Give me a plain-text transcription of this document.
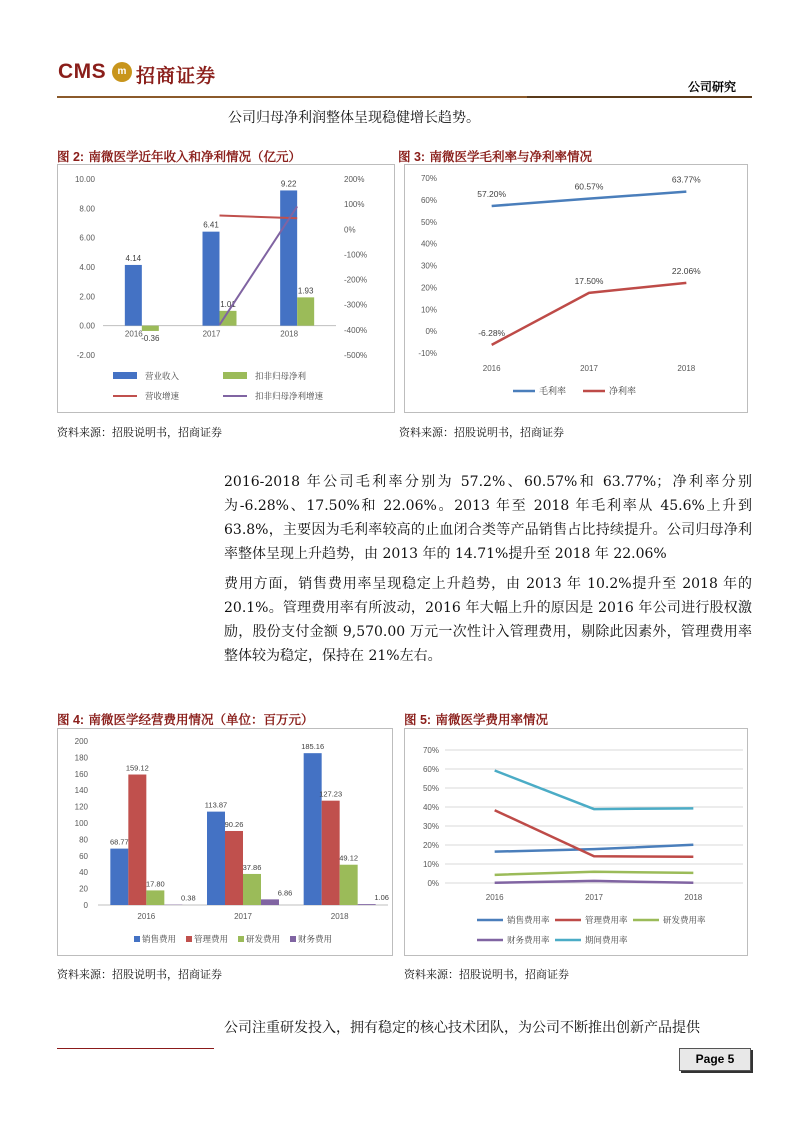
CMS	m 招商证券	公司研究
公司归母净利润整体呈现稳健增长趋势。
图 2: 南微医学近年收入和净利情况（亿元）
-2.00
0.00
2.00
4.00
6.00
8.00
10.00
-500%
-400%
-300%
-200%
-100%
0%
100%
200%
4.14
-0.36
2016
6.41
1.01
2017
9.22
1.93
2018
营业收入	扣非归母净利
营收增速	扣非归母净利增速
资料来源：招股说明书，招商证券
图 3: 南微医学毛利率与净利率情况
-10%
0%
10%
20%
30%
40%
50%
60%
70%
2016	2017	2018
57.20%
60.57%
63.77%
-6.28%
17.50%
22.06%
毛利率	净利率
资料来源：招股说明书，招商证券
2016-2018 年公司毛利率分别为 57.2%、60.57%和 63.77%；净利率分别为-6.28%、17.50%和 22.06%。2013 年至 2018 年毛利率从 45.6%上升到 63.8%，主要因为毛利率较高的止血闭合类等产品销售占比持续提升。公司归母净利率整体呈现上升趋势，由 2013 年的 14.71%提升至 2018 年 22.06%
费用方面，销售费用率呈现稳定上升趋势，由 2013 年 10.2%提升至 2018 年的 20.1%。管理费用率有所波动，2016 年大幅上升的原因是 2016 年公司进行股权激励，股份支付金额 9,570.00 万元一次性计入管理费用，剔除此因素外，管理费用率整体较为稳定，保持在 21%左右。
图 4: 南微医学经营费用情况（单位：百万元）
0
20
40
60
80
100
120
140
160
180
200
68.77
159.12
17.80
0.38
2016
113.87
90.26
37.86
6.86
2017
185.16
127.23
49.12
1.06
2018
销售费用 管理费用 研发费用 财务费用
资料来源：招股说明书，招商证券
图 5: 南微医学费用率情况
0%
10%
20%
30%
40%
50%
60%
70%
2016	2017	2018
销售费用率	管理费用率	研发费用率
财务费用率	期间费用率
资料来源：招股说明书，招商证券
公司注重研发投入，拥有稳定的核心技术团队，为公司不断推出创新产品提供
Page 5
